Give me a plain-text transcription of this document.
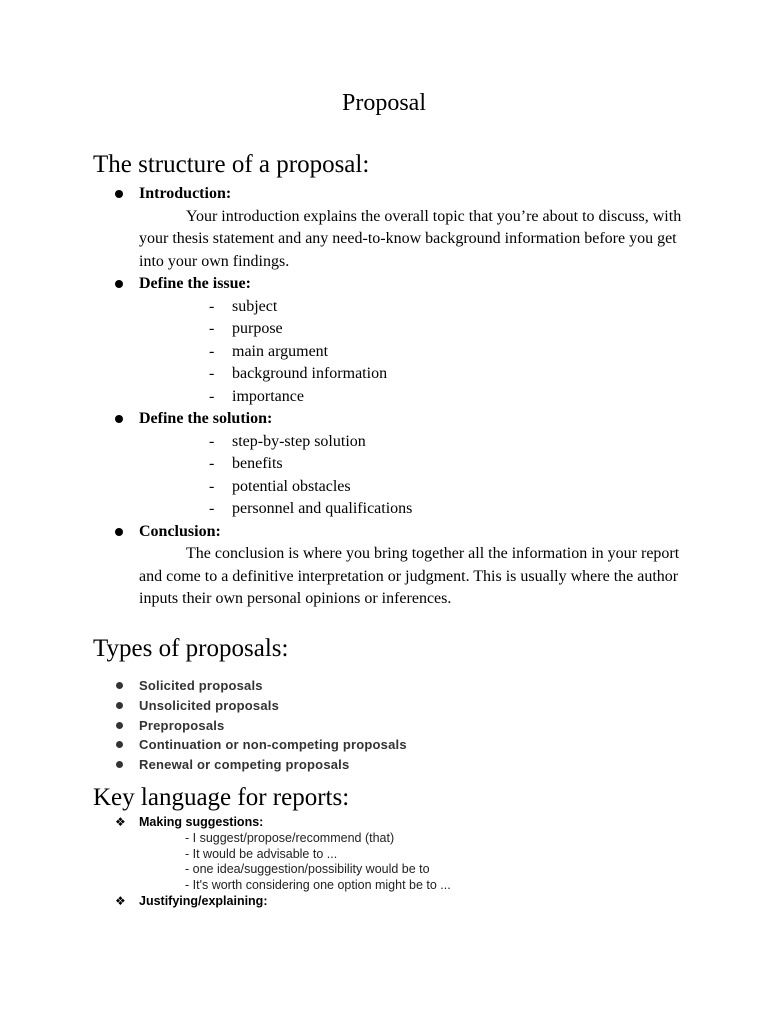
Proposal
The structure of a proposal:
Introduction:

Your introduction explains the overall topic that you’re about to discuss, with your thesis statement and any need-to-know background information before you get into your own findings.

Define the issue:
- subject
- purpose
- main argument
- background information
- importance
Define the solution:
- step-by-step solution
- benefits
- potential obstacles
- personnel and qualifications
Conclusion:

The conclusion is where you bring together all the information in your report and come to a definitive interpretation or judgment. This is usually where the author inputs their own personal opinions or inferences.

Types of proposals:
Solicited proposals
Unsolicited proposals
Preproposals
Continuation or non-competing proposals
Renewal or competing proposals
Key language for reports:
❖ Making suggestions:
- I suggest/propose/recommend (that)
- It would be advisable to ...
- one idea/suggestion/possibility would be to
- It's worth considering one option might be to ...
❖ Justifying/explaining:
